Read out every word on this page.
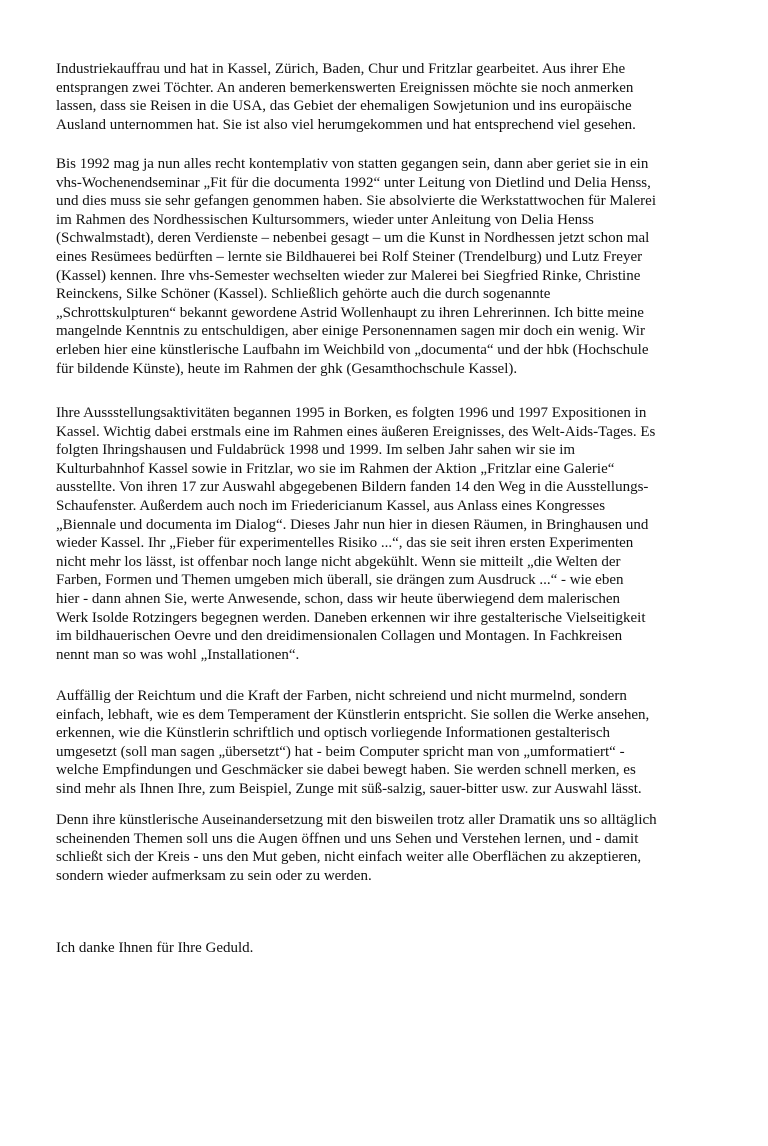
Industriekauffrau und hat in Kassel, Zürich, Baden, Chur und Fritzlar gearbeitet. Aus ihrer Ehe
entsprangen zwei Töchter. An anderen bemerkenswerten Ereignissen möchte sie noch anmerken
lassen, dass sie Reisen in die USA, das Gebiet der ehemaligen Sowjetunion und ins europäische
Ausland unternommen hat. Sie ist also viel herumgekommen und hat entsprechend viel gesehen.

Bis 1992 mag ja nun alles recht kontemplativ von statten gegangen sein, dann aber geriet sie in ein
vhs-Wochenendseminar „Fit für die documenta 1992“ unter Leitung von Dietlind und Delia Henss,
und dies muss sie sehr gefangen genommen haben. Sie absolvierte die Werkstattwochen für Malerei
im Rahmen des Nordhessischen Kultursommers, wieder unter Anleitung von Delia Henss
(Schwalmstadt), deren Verdienste – nebenbei gesagt – um die Kunst in Nordhessen jetzt schon mal
eines Resümees bedürften – lernte sie Bildhauerei bei Rolf Steiner (Trendelburg) und Lutz Freyer
(Kassel) kennen. Ihre vhs-Semester wechselten wieder zur Malerei bei Siegfried Rinke, Christine
Reinckens, Silke Schöner (Kassel). Schließlich gehörte auch die durch sogenannte
„Schrottskulpturen“ bekannt gewordene Astrid Wollenhaupt zu ihren Lehrerinnen. Ich bitte meine
mangelnde Kenntnis zu entschuldigen, aber einige Personennamen sagen mir doch ein wenig. Wir
erleben hier eine künstlerische Laufbahn im Weichbild von „documenta“ und der hbk (Hochschule
für bildende Künste), heute im Rahmen der ghk (Gesamthochschule Kassel).

Ihre Aussstellungsaktivitäten begannen 1995 in Borken, es folgten 1996 und 1997 Expositionen in
Kassel. Wichtig dabei erstmals eine im Rahmen eines äußeren Ereignisses, des Welt-Aids-Tages. Es
folgten Ihringshausen und Fuldabrück 1998 und 1999. Im selben Jahr sahen wir sie im
Kulturbahnhof Kassel sowie in Fritzlar, wo sie im Rahmen der Aktion „Fritzlar eine Galerie“
ausstellte. Von ihren 17 zur Auswahl abgegebenen Bildern fanden 14 den Weg in die Ausstellungs-
Schaufenster. Außerdem auch noch im Friedericianum Kassel, aus Anlass eines Kongresses
„Biennale und documenta im Dialog“. Dieses Jahr nun hier in diesen Räumen, in Bringhausen und
wieder Kassel. Ihr „Fieber für experimentelles Risiko ...“, das sie seit ihren ersten Experimenten
nicht mehr los lässt, ist offenbar noch lange nicht abgekühlt. Wenn sie mitteilt „die Welten der
Farben, Formen und Themen umgeben mich überall, sie drängen zum Ausdruck ...“ - wie eben
hier - dann ahnen Sie, werte Anwesende, schon, dass wir heute überwiegend dem malerischen
Werk Isolde Rotzingers begegnen werden. Daneben erkennen wir ihre gestalterische Vielseitigkeit
im bildhauerischen Oevre und den dreidimensionalen Collagen und Montagen. In Fachkreisen
nennt man so was wohl „Installationen“.

Auffällig der Reichtum und die Kraft der Farben, nicht schreiend und nicht murmelnd, sondern
einfach, lebhaft, wie es dem Temperament der Künstlerin entspricht. Sie sollen die Werke ansehen,
erkennen, wie die Künstlerin schriftlich und optisch vorliegende Informationen gestalterisch
umgesetzt (soll man sagen „übersetzt“) hat - beim Computer spricht man von „umformatiert“ -
welche Empfindungen und Geschmäcker sie dabei bewegt haben. Sie werden schnell merken, es
sind mehr als Ihnen Ihre, zum Beispiel, Zunge mit süß-salzig, sauer-bitter usw. zur Auswahl lässt.

Denn ihre künstlerische Auseinandersetzung mit den bisweilen trotz aller Dramatik uns so alltäglich
scheinenden Themen soll uns die Augen öffnen und uns Sehen und Verstehen lernen, und - damit
schließt sich der Kreis - uns den Mut geben, nicht einfach weiter alle Oberflächen zu akzeptieren,
sondern wieder aufmerksam zu sein oder zu werden.

Ich danke Ihnen für Ihre Geduld.
